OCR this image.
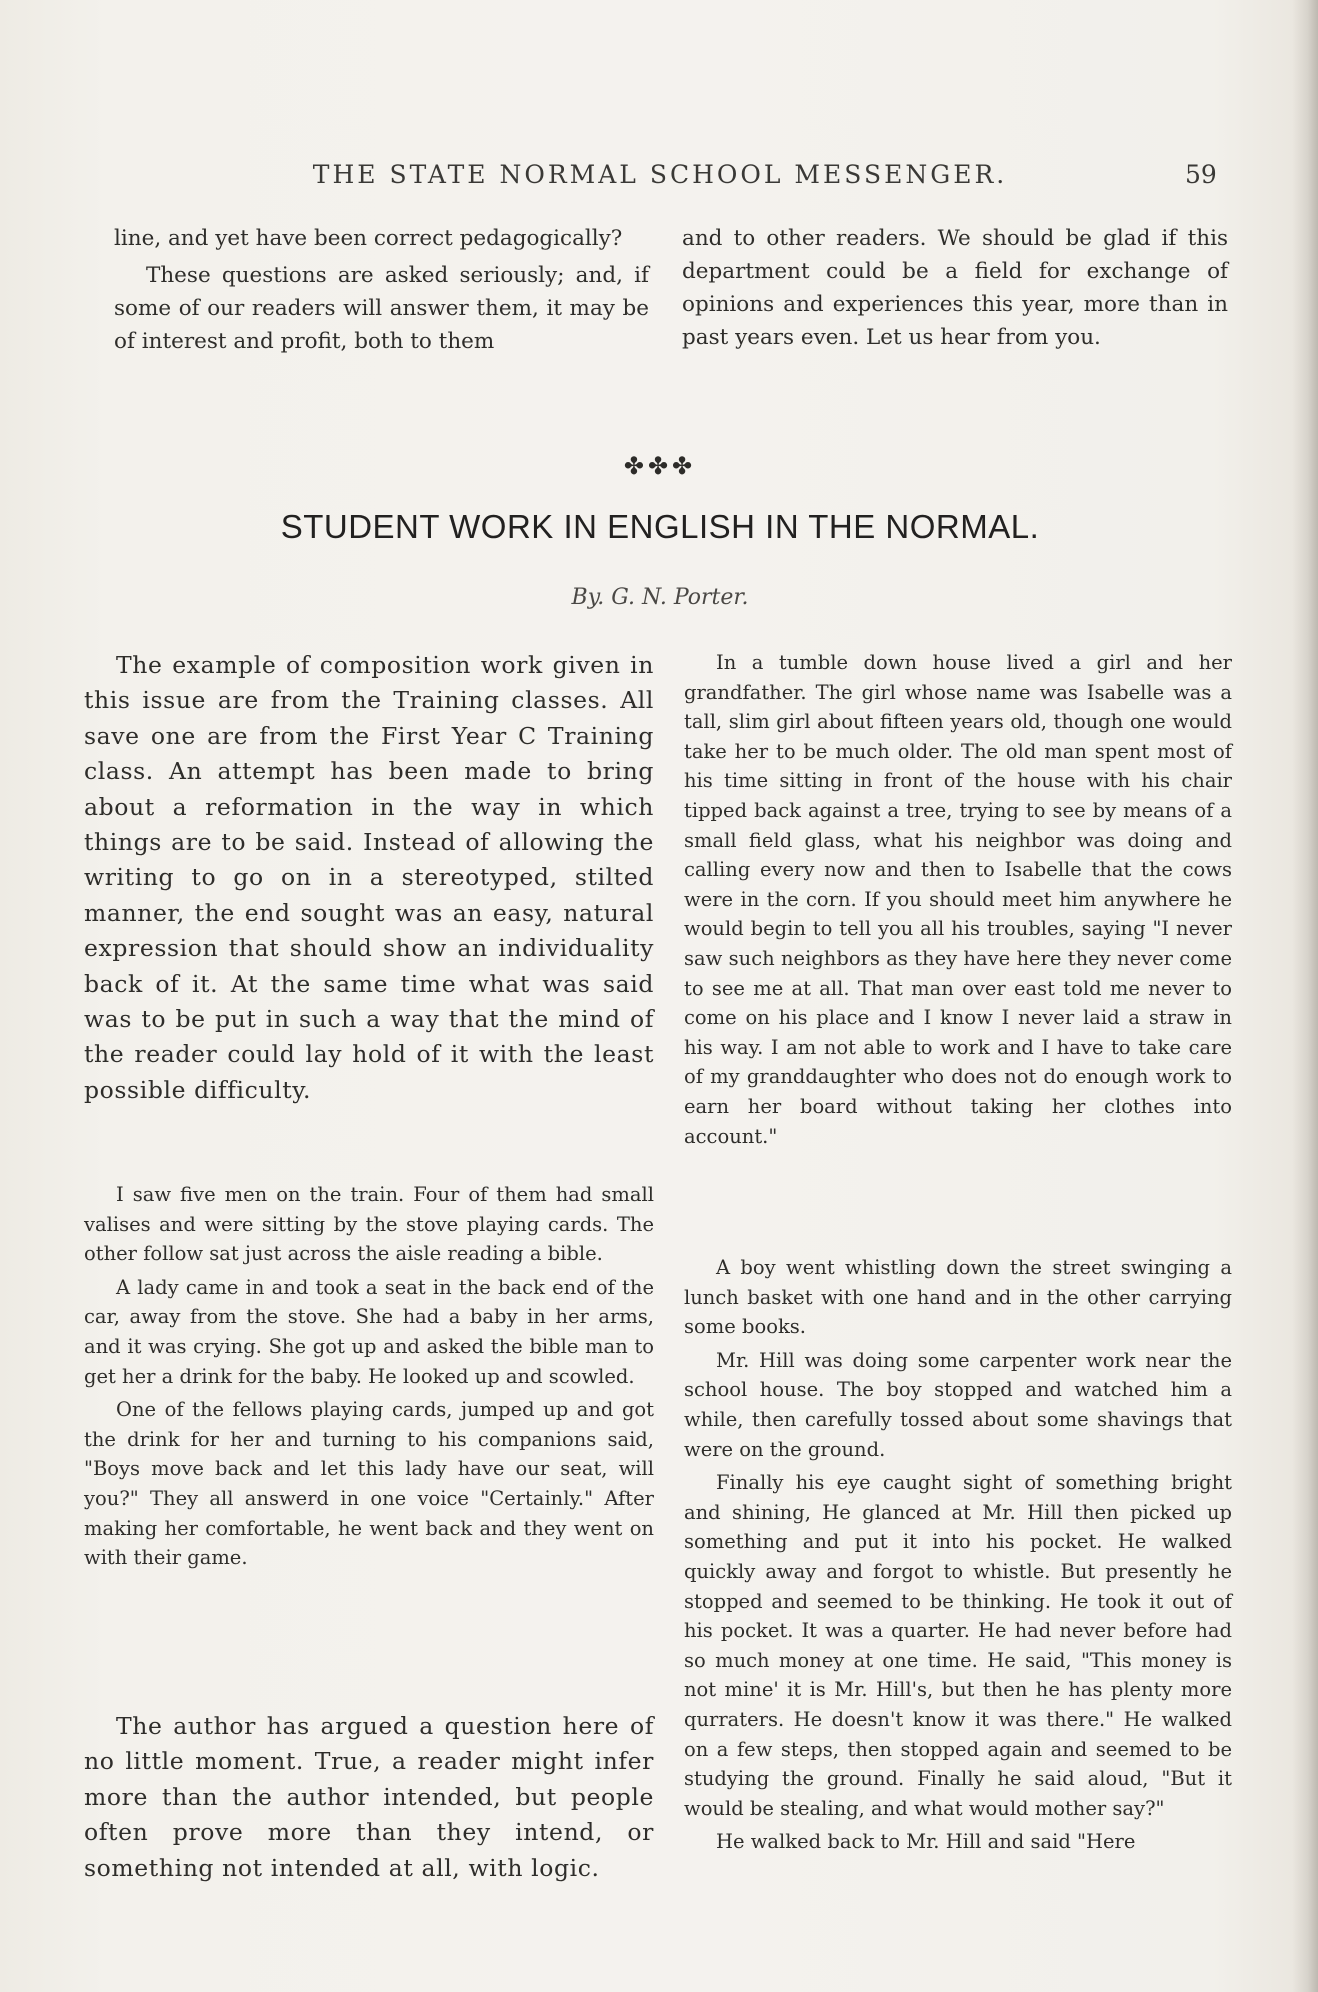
THE STATE NORMAL SCHOOL MESSENGER.	59

line, and yet have been correct pedagogically?

These questions are asked seriously; and, if some of our readers will answer them, it may be of interest and profit, both to them

and to other readers. We should be glad if this department could be a field for exchange of opinions and experiences this year, more than in past years even. Let us hear from you.

✤✤✤
STUDENT WORK IN ENGLISH IN THE NORMAL.
By. G. N. Porter.

The example of composition work given in this issue are from the Training classes. All save one are from the First Year C Training class. An attempt has been made to bring about a reformation in the way in which things are to be said. Instead of allowing the writing to go on in a stereotyped, stilted manner, the end sought was an easy, natural expression that should show an individuality back of it. At the same time what was said was to be put in such a way that the mind of the reader could lay hold of it with the least possible difficulty.

I saw five men on the train. Four of them had small valises and were sitting by the stove playing cards. The other follow sat just across the aisle reading a bible.

A lady came in and took a seat in the back end of the car, away from the stove. She had a baby in her arms, and it was crying. She got up and asked the bible man to get her a drink for the baby. He looked up and scowled.

One of the fellows playing cards, jumped up and got the drink for her and turning to his companions said, "Boys move back and let this lady have our seat, will you?" They all answerd in one voice "Certainly." After making her comfortable, he went back and they went on with their game.

The author has argued a question here of no little moment. True, a reader might infer more than the author intended, but people often prove more than they intend, or something not intended at all, with logic.

In a tumble down house lived a girl and her grandfather. The girl whose name was Isabelle was a tall, slim girl about fifteen years old, though one would take her to be much older. The old man spent most of his time sitting in front of the house with his chair tipped back against a tree, trying to see by means of a small field glass, what his neighbor was doing and calling every now and then to Isabelle that the cows were in the corn. If you should meet him anywhere he would begin to tell you all his troubles, saying "I never saw such neighbors as they have here they never come to see me at all. That man over east told me never to come on his place and I know I never laid a straw in his way. I am not able to work and I have to take care of my granddaughter who does not do enough work to earn her board without taking her clothes into account."

A boy went whistling down the street swinging a lunch basket with one hand and in the other carrying some books.

Mr. Hill was doing some carpenter work near the school house. The boy stopped and watched him a while, then carefully tossed about some shavings that were on the ground.

Finally his eye caught sight of something bright and shining, He glanced at Mr. Hill then picked up something and put it into his pocket. He walked quickly away and forgot to whistle. But presently he stopped and seemed to be thinking. He took it out of his pocket. It was a quarter. He had never before had so much money at one time. He said, "This money is not mine' it is Mr. Hill's, but then he has plenty more qurraters. He doesn't know it was there." He walked on a few steps, then stopped again and seemed to be studying the ground. Finally he said aloud, "But it would be stealing, and what would mother say?"

He walked back to Mr. Hill and said "Here
